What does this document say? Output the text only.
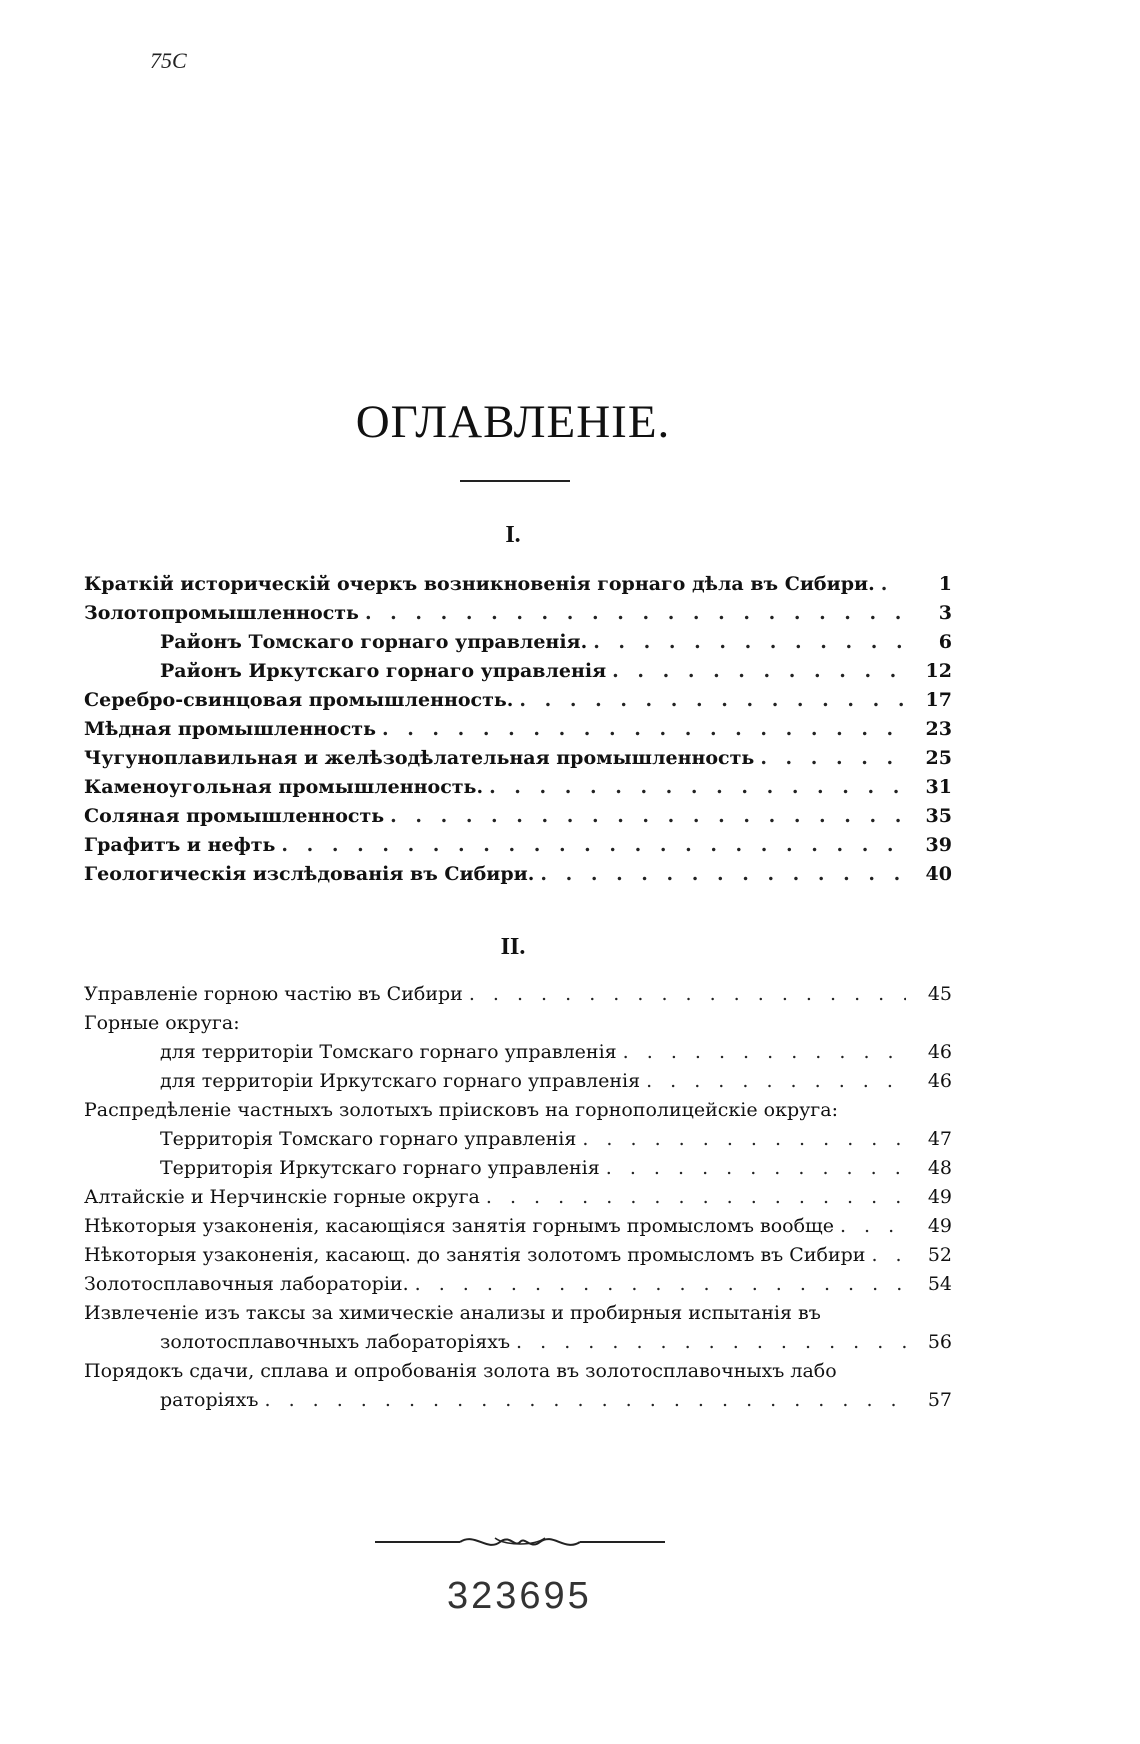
75C
ОГЛАВЛЕНІЕ.
I.
Краткій историческій очеркъ возникновенія горнаго дѣла въ Сибири. . . .	1
Золотопромышленность . . .	3
Районъ Томскаго горнаго управленія. . . .	6
Районъ Иркутскаго горнаго управленія . . .	12
Серебро-свинцовая промышленность. . . .	17
Мѣдная промышленность . . .	23
Чугуноплавильная и желѣзодѣлательная промышленность . . .	25
Каменоугольная промышленность. . . .	31
Соляная промышленность . . .	35
Графитъ и нефть . . .	39
Геологическія изслѣдованія въ Сибири. . . .	40
II.
Управленіе горною частію въ Сибири . . .	45
Горные округа:
для территоріи Томскаго горнаго управленія . . .	46
для территоріи Иркутскаго горнаго управленія . . .	46
Распредѣленіе частныхъ золотыхъ пріисковъ на горнополицейскіе округа:
Территорія Томскаго горнаго управленія . . .	47
Территорія Иркутскаго горнаго управленія . . .	48
Алтайскіе и Нерчинскіе горные округа . . .	49
Нѣкоторыя узаконенія, касающіяся занятія горнымъ промысломъ вообще . . .	49
Нѣкоторыя узаконенія, касающ. до занятія золотомъ промысломъ въ Сибири . . .	52
Золотосплавочныя лабораторіи. . . .	54
Извлеченіе изъ таксы за химическіе анализы и пробирныя испытанія въ
золотосплавочныхъ лабораторіяхъ . . .	56
Порядокъ сдачи, сплава и опробованія золота въ золотосплавочныхъ лабо
раторіяхъ . . .	57
323695
